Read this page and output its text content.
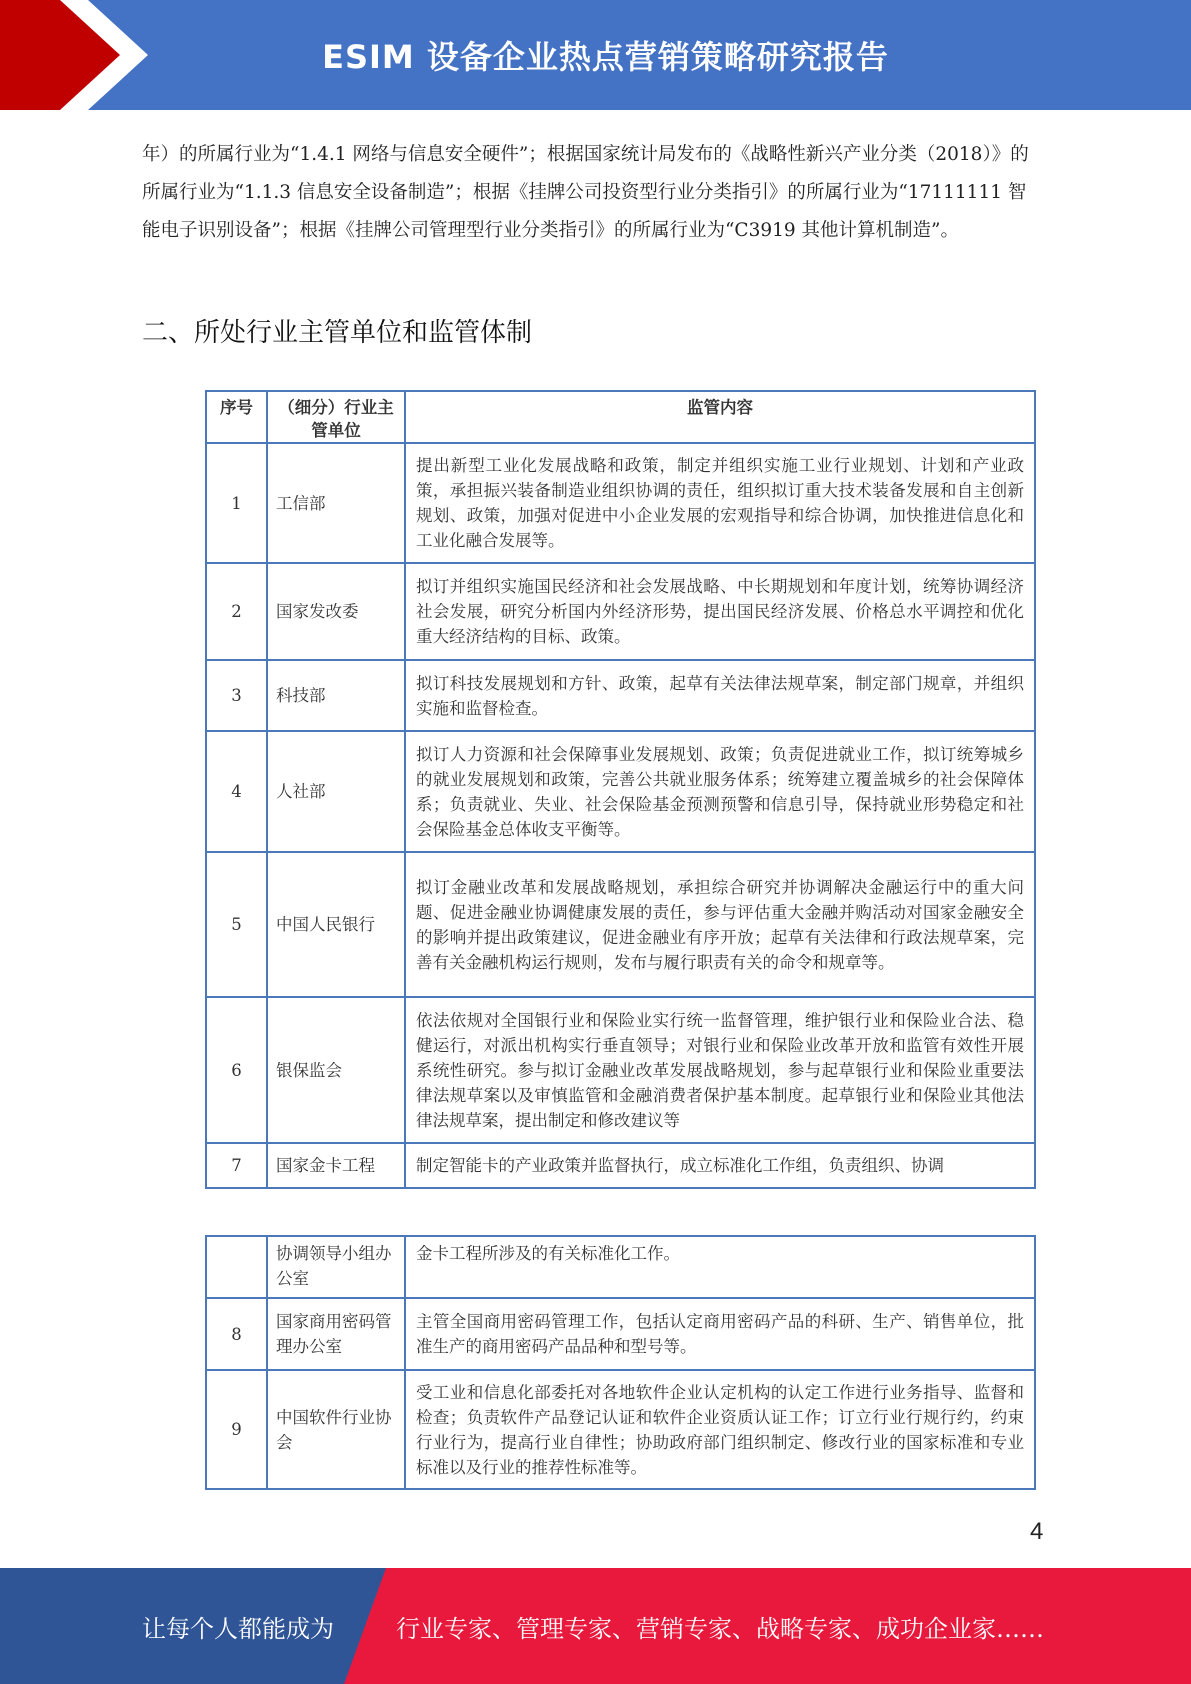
ESIM 设备企业热点营销策略研究报告
年）的所属行业为“1.4.1 网络与信息安全硬件”；根据国家统计局发布的《战略性新兴产业分类（2018）》的所属行业为“1.1.3 信息安全设备制造”；根据《挂牌公司投资型行业分类指引》的所属行业为“17111111 智能电子识别设备”；根据《挂牌公司管理型行业分类指引》的所属行业为“C3919 其他计算机制造”。
二、所处行业主管单位和监管体制
序号	（细分）行业主管单位	监管内容
1	工信部	提出新型工业化发展战略和政策，制定并组织实施工业行业规划、计划和产业政策，承担振兴装备制造业组织协调的责任，组织拟订重大技术装备发展和自主创新规划、政策，加强对促进中小企业发展的宏观指导和综合协调，加快推进信息化和工业化融合发展等。
2	国家发改委	拟订并组织实施国民经济和社会发展战略、中长期规划和年度计划，统筹协调经济社会发展，研究分析国内外经济形势，提出国民经济发展、价格总水平调控和优化重大经济结构的目标、政策。
3	科技部	拟订科技发展规划和方针、政策，起草有关法律法规草案，制定部门规章，并组织实施和监督检查。
4	人社部	拟订人力资源和社会保障事业发展规划、政策；负责促进就业工作，拟订统筹城乡的就业发展规划和政策，完善公共就业服务体系；统筹建立覆盖城乡的社会保障体系；负责就业、失业、社会保险基金预测预警和信息引导，保持就业形势稳定和社会保险基金总体收支平衡等。
5	中国人民银行	拟订金融业改革和发展战略规划，承担综合研究并协调解决金融运行中的重大问题、促进金融业协调健康发展的责任，参与评估重大金融并购活动对国家金融安全的影响并提出政策建议，促进金融业有序开放；起草有关法律和行政法规草案，完善有关金融机构运行规则，发布与履行职责有关的命令和规章等。
6	银保监会	依法依规对全国银行业和保险业实行统一监督管理，维护银行业和保险业合法、稳健运行，对派出机构实行垂直领导；对银行业和保险业改革开放和监管有效性开展系统性研究。参与拟订金融业改革发展战略规划，参与起草银行业和保险业重要法律法规草案以及审慎监管和金融消费者保护基本制度。起草银行业和保险业其他法律法规草案，提出制定和修改建议等
7	国家金卡工程	制定智能卡的产业政策并监督执行，成立标准化工作组，负责组织、协调
	协调领导小组办公室	金卡工程所涉及的有关标准化工作。
8	国家商用密码管理办公室	主管全国商用密码管理工作，包括认定商用密码产品的科研、生产、销售单位，批准生产的商用密码产品品种和型号等。
9	中国软件行业协会	受工业和信息化部委托对各地软件企业认定机构的认定工作进行业务指导、监督和检查；负责软件产品登记认证和软件企业资质认证工作；订立行业行规行约，约束行业行为，提高行业自律性；协助政府部门组织制定、修改行业的国家标准和专业标准以及行业的推荐性标准等。
4
让每个人都能成为	行业专家、管理专家、营销专家、战略专家、成功企业家……
